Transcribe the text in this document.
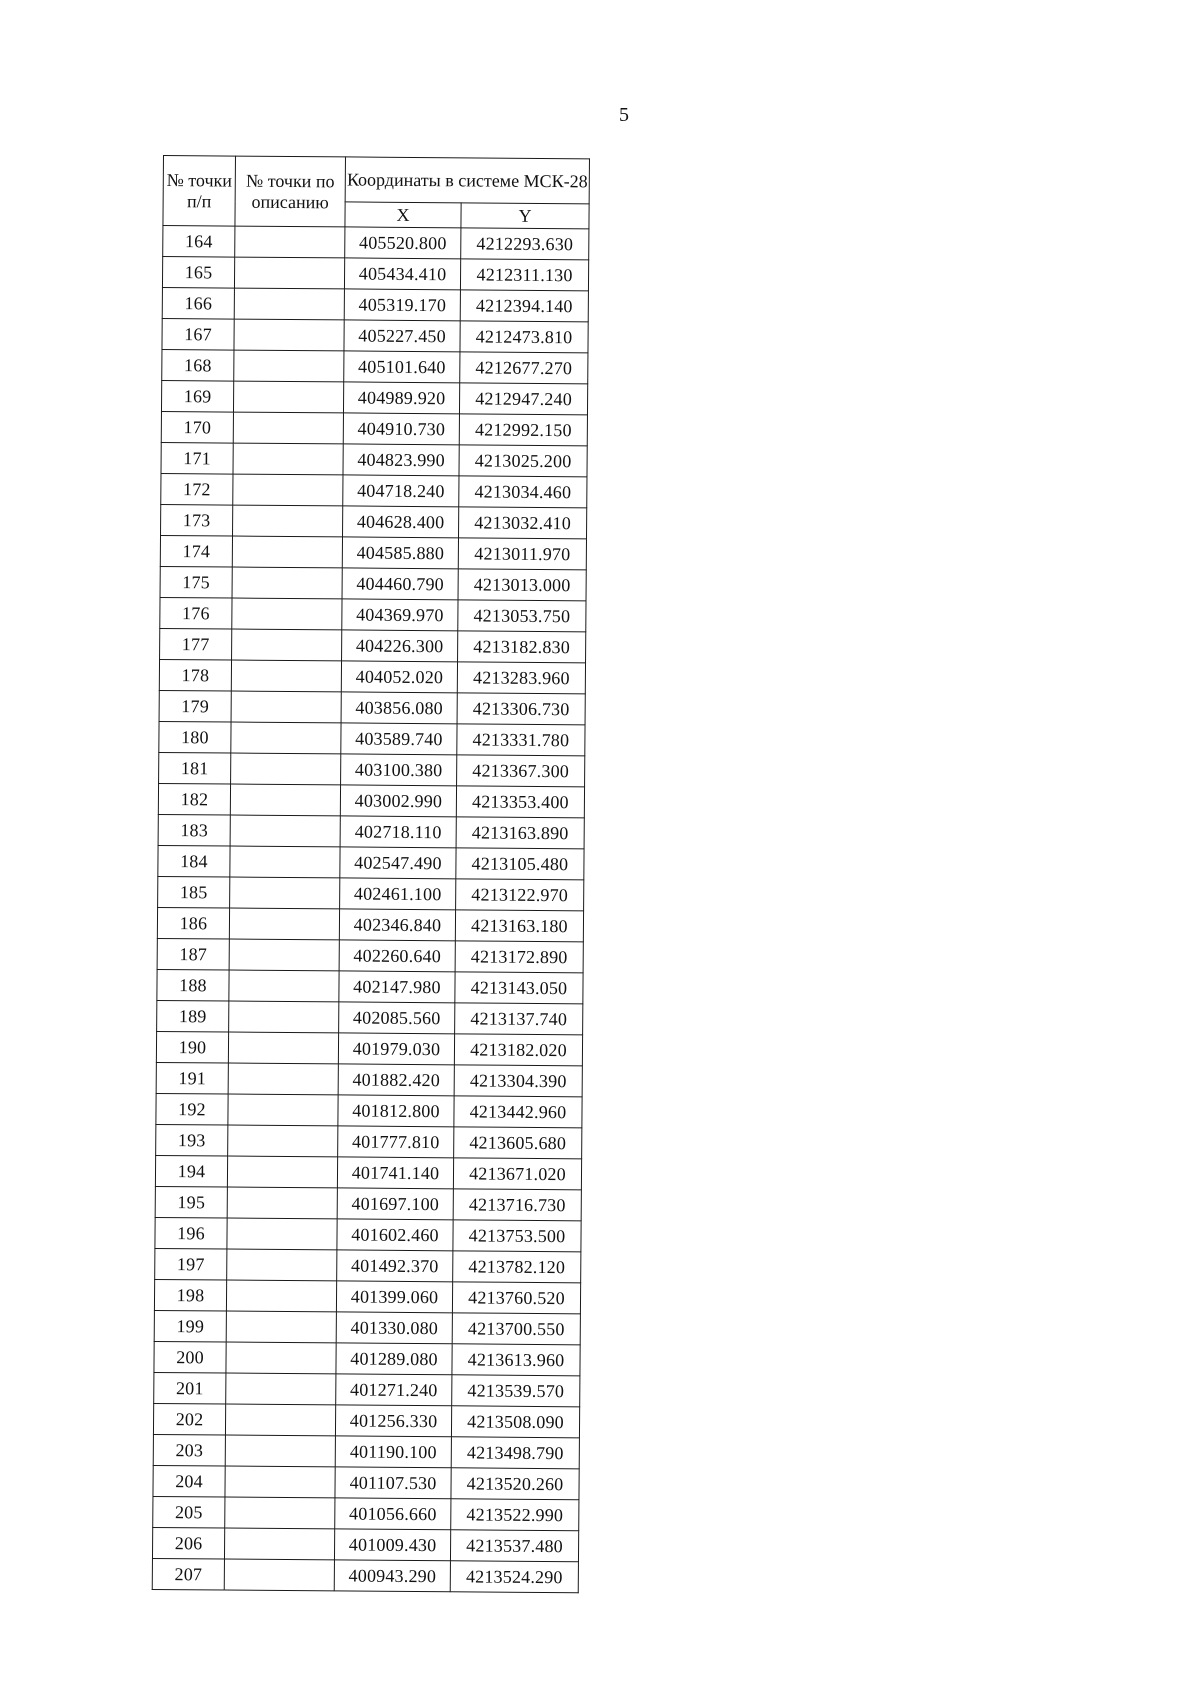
5
№ точки п/п	№ точки по описанию	Координаты в системе МСК-28	
		X	Y
164		405520.800	4212293.630
165		405434.410	4212311.130
166		405319.170	4212394.140
167		405227.450	4212473.810
168		405101.640	4212677.270
169		404989.920	4212947.240
170		404910.730	4212992.150
171		404823.990	4213025.200
172		404718.240	4213034.460
173		404628.400	4213032.410
174		404585.880	4213011.970
175		404460.790	4213013.000
176		404369.970	4213053.750
177		404226.300	4213182.830
178		404052.020	4213283.960
179		403856.080	4213306.730
180		403589.740	4213331.780
181		403100.380	4213367.300
182		403002.990	4213353.400
183		402718.110	4213163.890
184		402547.490	4213105.480
185		402461.100	4213122.970
186		402346.840	4213163.180
187		402260.640	4213172.890
188		402147.980	4213143.050
189		402085.560	4213137.740
190		401979.030	4213182.020
191		401882.420	4213304.390
192		401812.800	4213442.960
193		401777.810	4213605.680
194		401741.140	4213671.020
195		401697.100	4213716.730
196		401602.460	4213753.500
197		401492.370	4213782.120
198		401399.060	4213760.520
199		401330.080	4213700.550
200		401289.080	4213613.960
201		401271.240	4213539.570
202		401256.330	4213508.090
203		401190.100	4213498.790
204		401107.530	4213520.260
205		401056.660	4213522.990
206		401009.430	4213537.480
207		400943.290	4213524.290
